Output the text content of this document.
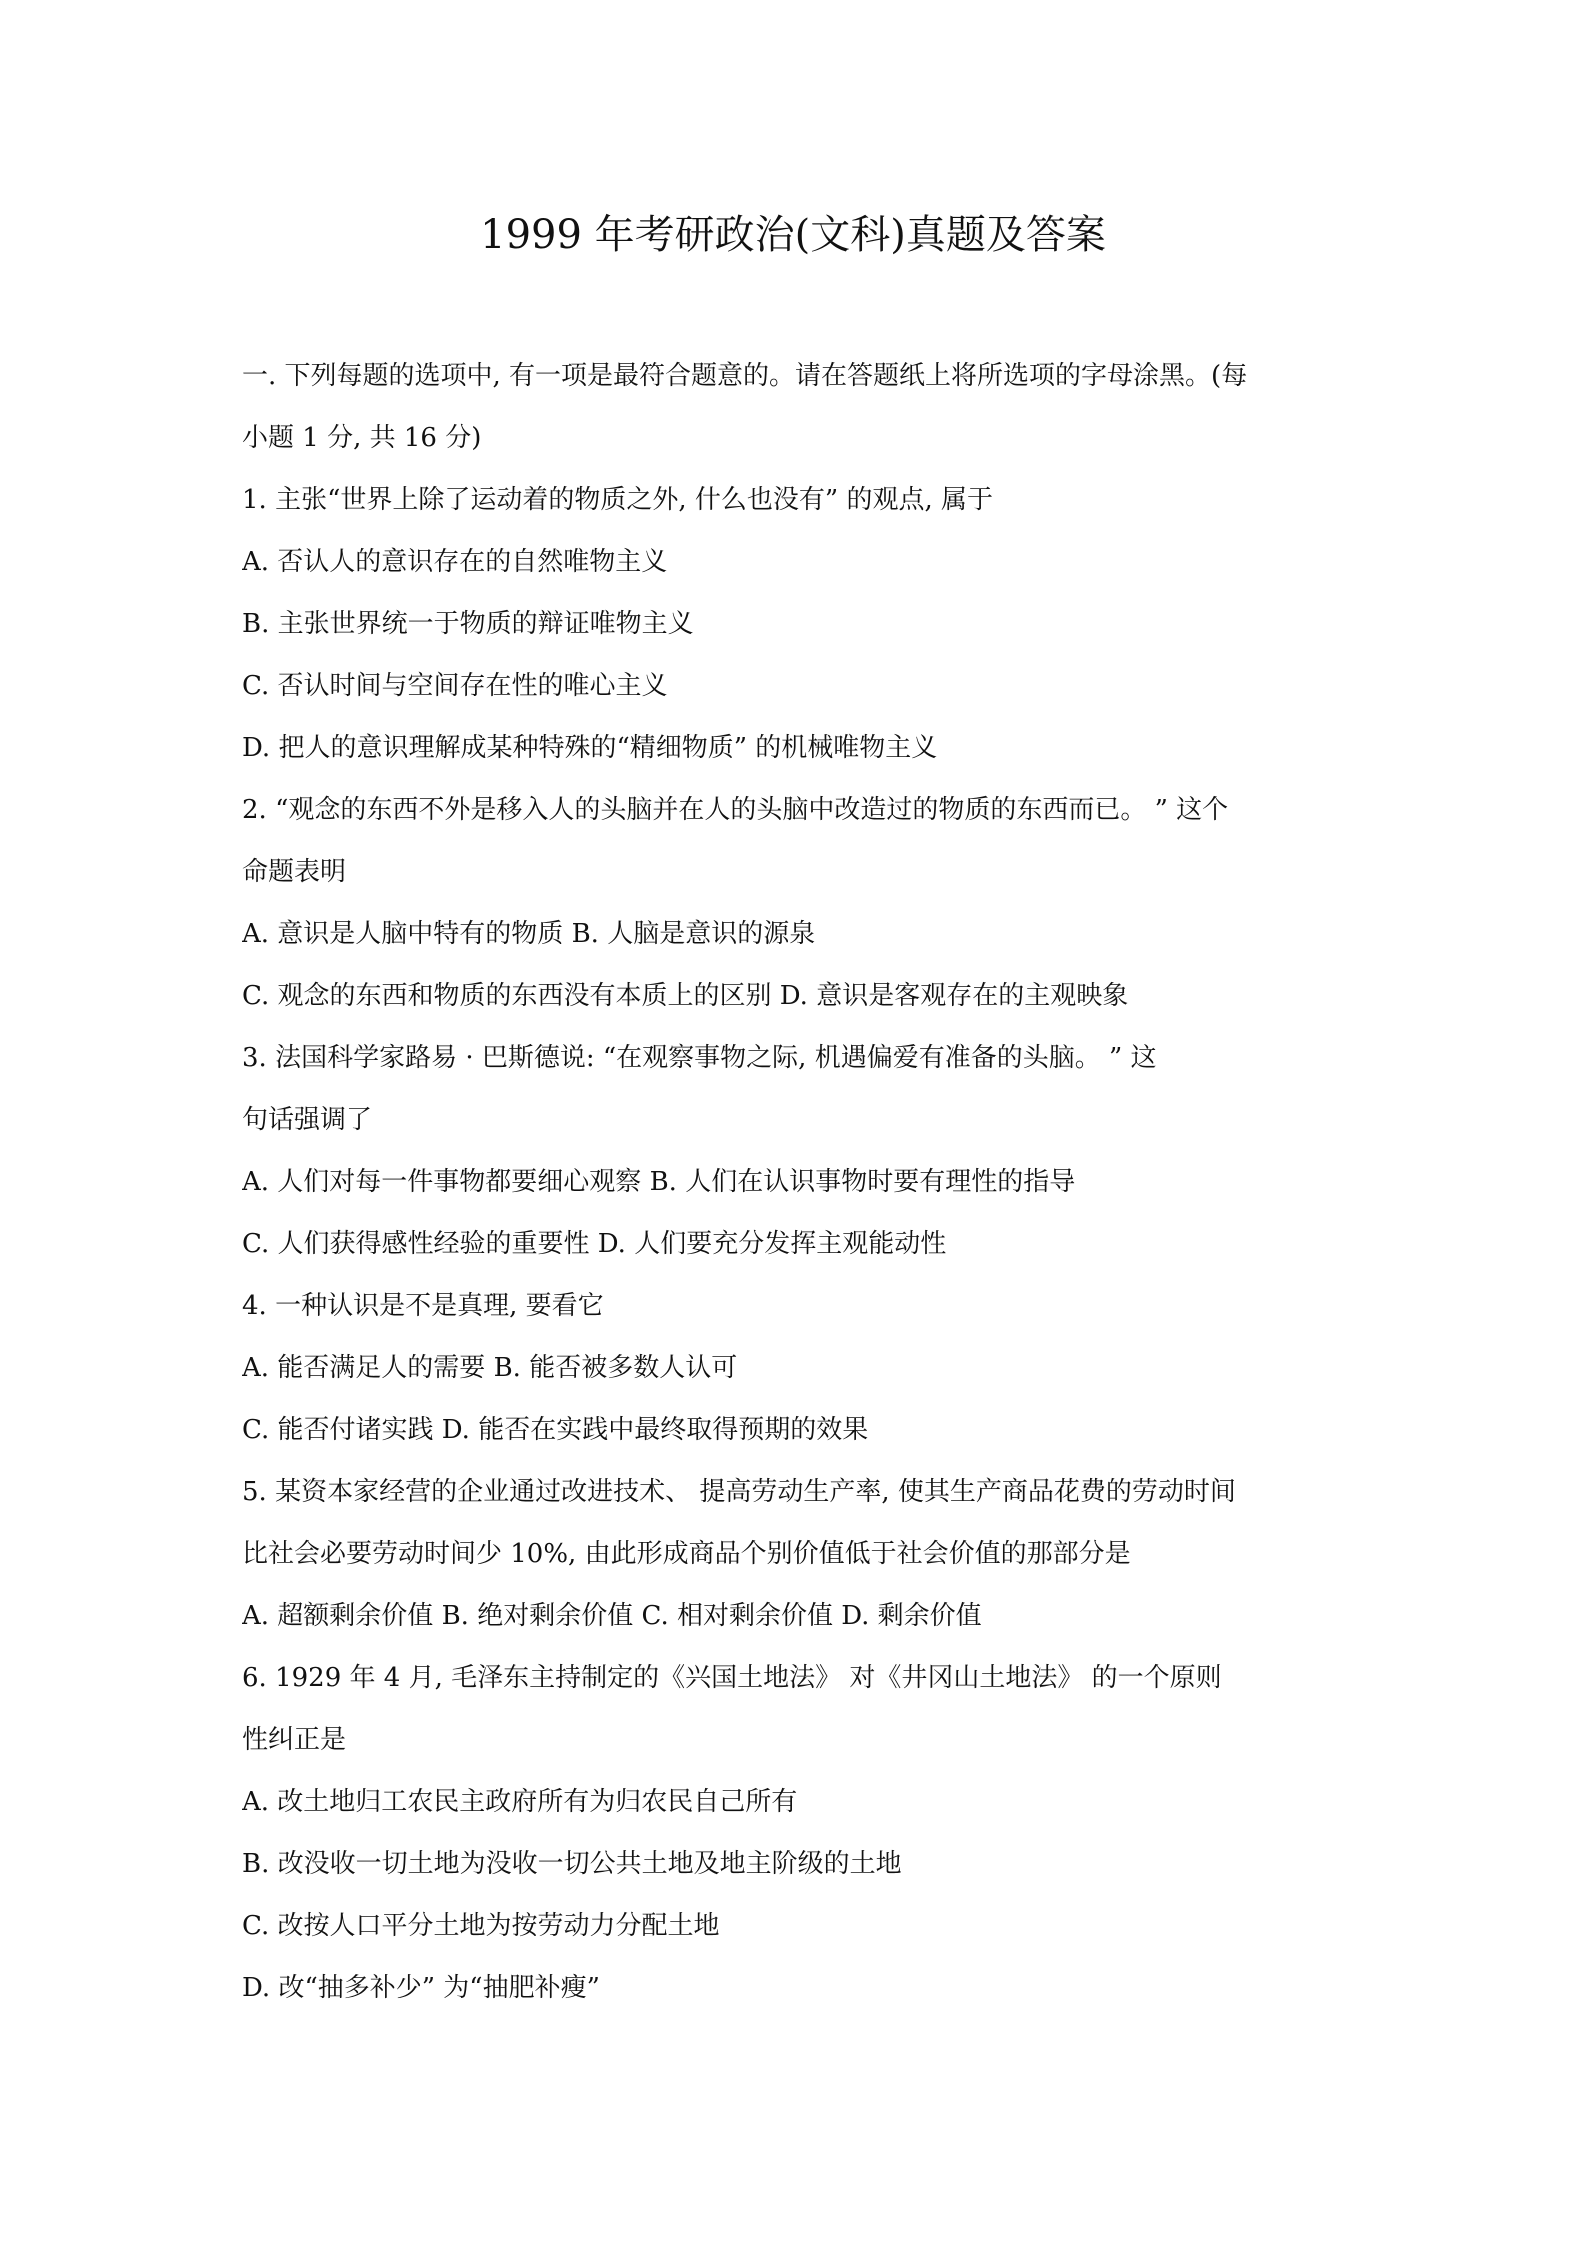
1999 年考研政治(文科)真题及答案
一. 下列每题的选项中, 有一项是最符合题意的。请在答题纸上将所选项的字母涂黑。(每
小题 1 分, 共 16 分)
1. 主张“世界上除了运动着的物质之外, 什么也没有” 的观点, 属于
A. 否认人的意识存在的自然唯物主义
B. 主张世界统一于物质的辩证唯物主义
C. 否认时间与空间存在性的唯心主义
D. 把人的意识理解成某种特殊的“精细物质” 的机械唯物主义
2. “观念的东西不外是移入人的头脑并在人的头脑中改造过的物质的东西而已。 ” 这个
命题表明
A. 意识是人脑中特有的物质 B. 人脑是意识的源泉
C. 观念的东西和物质的东西没有本质上的区别 D. 意识是客观存在的主观映象
3. 法国科学家路易 · 巴斯德说: “在观察事物之际, 机遇偏爱有准备的头脑。 ” 这
句话强调了
A. 人们对每一件事物都要细心观察 B. 人们在认识事物时要有理性的指导
C. 人们获得感性经验的重要性 D. 人们要充分发挥主观能动性
4. 一种认识是不是真理, 要看它
A. 能否满足人的需要 B. 能否被多数人认可
C. 能否付诸实践 D. 能否在实践中最终取得预期的效果
5. 某资本家经营的企业通过改进技术、 提高劳动生产率, 使其生产商品花费的劳动时间
比社会必要劳动时间少 10%, 由此形成商品个别价值低于社会价值的那部分是
A. 超额剩余价值 B. 绝对剩余价值 C. 相对剩余价值 D. 剩余价值
6. 1929 年 4 月, 毛泽东主持制定的《兴国土地法》 对《井冈山土地法》 的一个原则
性纠正是
A. 改土地归工农民主政府所有为归农民自己所有
B. 改没收一切土地为没收一切公共土地及地主阶级的土地
C. 改按人口平分土地为按劳动力分配土地
D. 改“抽多补少” 为“抽肥补瘦”
